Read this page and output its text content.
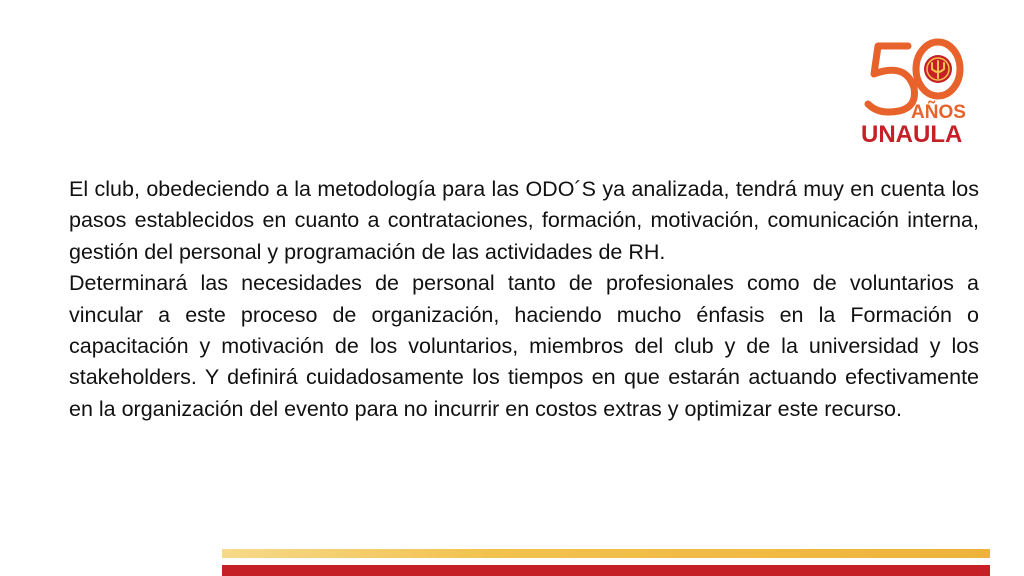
AÑOS
UNAULA

El club, obedeciendo a la metodología para las ODO´S ya analizada, tendrá muy en cuenta los pasos establecidos en cuanto a contrataciones, formación, motivación, comunicación interna, gestión del personal y programación de las actividades de RH.

Determinará las necesidades de personal tanto de profesionales como de voluntarios a vincular a este proceso de organización, haciendo mucho énfasis en la Formación o capacitación y motivación de los voluntarios, miembros del club y de la universidad y los stakeholders. Y definirá cuidadosamente los tiempos en que estarán actuando efectivamente en la organización del evento para no incurrir en costos extras y optimizar este recurso.
